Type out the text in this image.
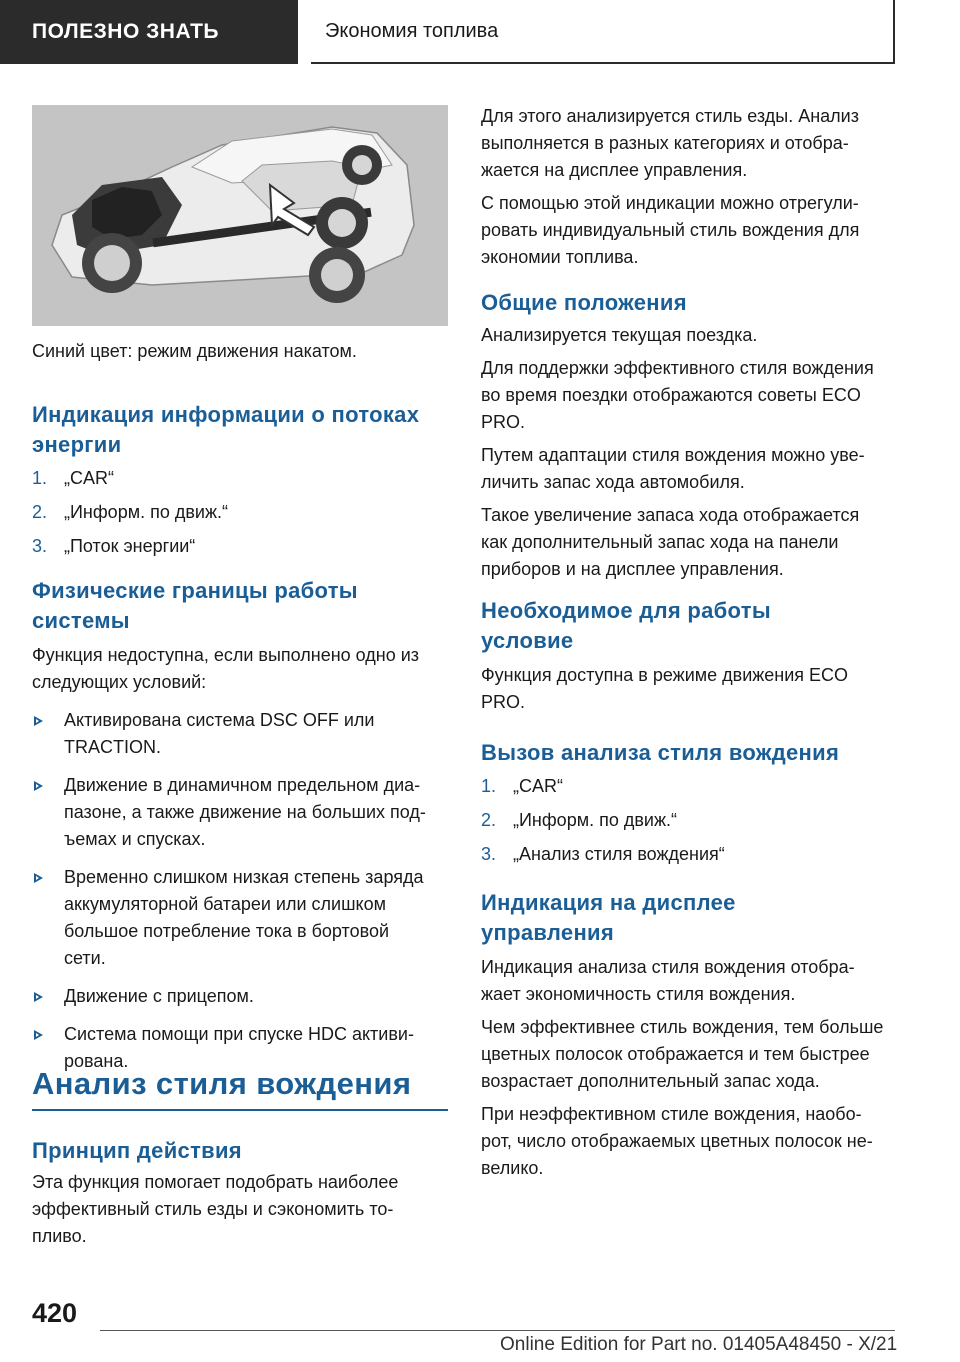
ПОЛЕЗНО ЗНАТЬ	Экономия топлива

Синий цвет: режим движения накатом.

Индикация информации о потоках

энергии

1. „CAR“
2. „Информ. по движ.“
3. „Поток энергии“

Физические границы работы

системы

Функция недоступна, если выполнено одно из

следующих условий:

Активирована система DSC OFF или
TRACTION.
Движение в динамичном предельном диа-
пазоне, а также движение на больших под-
ъемах и спусках.
Временно слишком низкая степень заряда
аккумуляторной батареи или слишком
большое потребление тока в бортовой
сети.
Движение с прицепом.
Система помощи при спуске HDC активи-
рована.

Анализ стиля вождения

Принцип действия

Эта функция помогает подобрать наиболее

эффективный стиль езды и сэкономить то-

пливо.

Для этого анализируется стиль езды. Анализ

выполняется в разных категориях и отобра-

жается на дисплее управления.

С помощью этой индикации можно отрегули-

ровать индивидуальный стиль вождения для

экономии топлива.

Общие положения

Анализируется текущая поездка.

Для поддержки эффективного стиля вождения

во время поездки отображаются советы ECO

PRO.

Путем адаптации стиля вождения можно уве-

личить запас хода автомобиля.

Такое увеличение запаса хода отображается

как дополнительный запас хода на панели

приборов и на дисплее управления.

Необходимое для работы

условие

Функция доступна в режиме движения ECO

PRO.

Вызов анализа стиля вождения

1. „CAR“
2. „Информ. по движ.“
3. „Анализ стиля вождения“

Индикация на дисплее

управления

Индикация анализа стиля вождения отобра-

жает экономичность стиля вождения.

Чем эффективнее стиль вождения, тем больше

цветных полосок отображается и тем быстрее

возрастает дополнительный запас хода.

При неэффективном стиле вождения, наобо-

рот, число отображаемых цветных полосок не-

велико.

420
Online Edition for Part no. 01405A48450 - X/21
